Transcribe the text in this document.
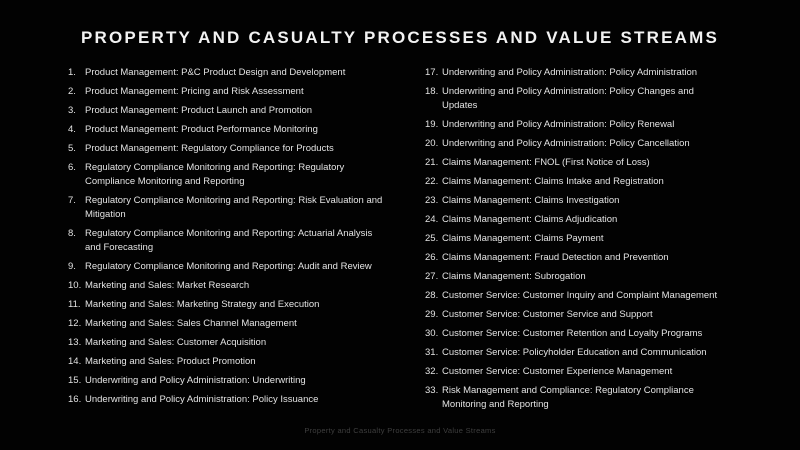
PROPERTY AND CASUALTY PROCESSES AND VALUE STREAMS
1. Product Management: P&C Product Design and Development
2. Product Management: Pricing and Risk Assessment
3. Product Management: Product Launch and Promotion
4. Product Management: Product Performance Monitoring
5. Product Management: Regulatory Compliance for Products
6. Regulatory Compliance Monitoring and Reporting: Regulatory Compliance Monitoring and Reporting
7. Regulatory Compliance Monitoring and Reporting: Risk Evaluation and Mitigation
8. Regulatory Compliance Monitoring and Reporting: Actuarial Analysis and Forecasting
9. Regulatory Compliance Monitoring and Reporting: Audit and Review
10. Marketing and Sales: Market Research
11. Marketing and Sales: Marketing Strategy and Execution
12. Marketing and Sales: Sales Channel Management
13. Marketing and Sales: Customer Acquisition
14. Marketing and Sales: Product Promotion
15. Underwriting and Policy Administration: Underwriting
16. Underwriting and Policy Administration: Policy Issuance
17. Underwriting and Policy Administration: Policy Administration
18. Underwriting and Policy Administration: Policy Changes and Updates
19. Underwriting and Policy Administration: Policy Renewal
20. Underwriting and Policy Administration: Policy Cancellation
21. Claims Management: FNOL (First Notice of Loss)
22. Claims Management: Claims Intake and Registration
23. Claims Management: Claims Investigation
24. Claims Management: Claims Adjudication
25. Claims Management: Claims Payment
26. Claims Management: Fraud Detection and Prevention
27. Claims Management: Subrogation
28. Customer Service: Customer Inquiry and Complaint Management
29. Customer Service: Customer Service and Support
30. Customer Service: Customer Retention and Loyalty Programs
31. Customer Service: Policyholder Education and Communication
32. Customer Service: Customer Experience Management
33. Risk Management and Compliance: Regulatory Compliance Monitoring and Reporting
Property and Casualty Processes and Value Streams
